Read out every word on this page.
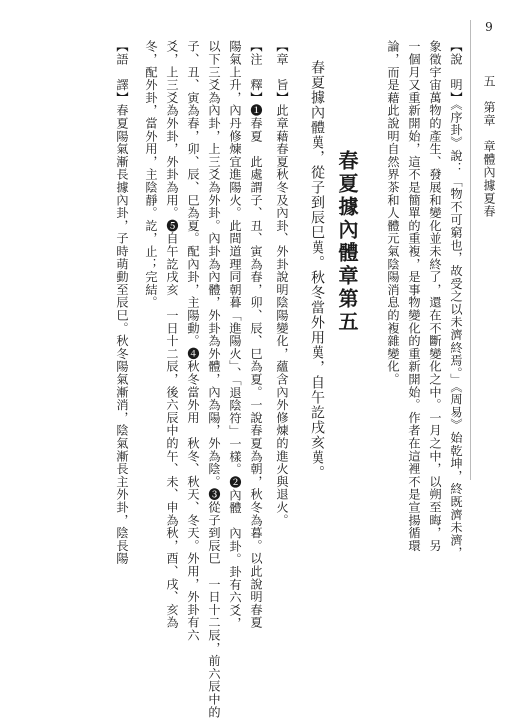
9  五　第章　章體內據夏春
【說　明】《序卦》說：「物不可窮也，故受之以未濟終焉。」《周易》始乾坤，終既濟未濟，
象徵宇宙萬物的產生、發展和變化並未終了，還在不斷變化之中。一月之中，以朔至晦，另
一個月又重新開始，這不是簡單的重複，是事物變化的重新開始。作者在這裡不是宣揚循環
論，而是藉此說明自然界茶和人體元氣陰陽消息的複雜變化。
春夏據內體章第五
春夏據內體𦰩，從子到辰巳𦰩。秋冬當外用𦰩，自午訖戌亥𦰩。
【章　旨】此章藉春夏秋冬及內卦、外卦說明陰陽變化，蘊含內外修煉的進火與退火。
【注　釋】❶春夏　此處謂子、丑、寅為春，卯、辰、巳為夏。一說春夏為朝，秋冬為暮。以此說明春夏
陽氣上升，內丹修煉宜進陽火。此間道理同朝暮「進陽火」、「退陰符」一樣。❷內體　內卦。卦有六爻，
以下三爻為內卦，上三爻為外卦。內卦為內體，外卦為外體，內為陽，外為陰。❸從子到辰巳　一日十二辰，前六辰中的
子、丑、寅為春，卯、辰、巳為夏。配內卦，主陽動。❹秋冬當外用　秋冬、秋天、冬天。外用，外卦有六
爻，上三爻為外卦，外卦為用。❺自午訖戌亥　一日十二辰，後六辰中的午、未、申為秋，酉、戌、亥為
冬，配外卦，當外用，主陰靜。訖，止；完結。
【語　譯】春夏陽氣漸長據內卦，子時萌動至辰巳。秋冬陽氣漸消，陰氣漸長主外卦，陰長陽
